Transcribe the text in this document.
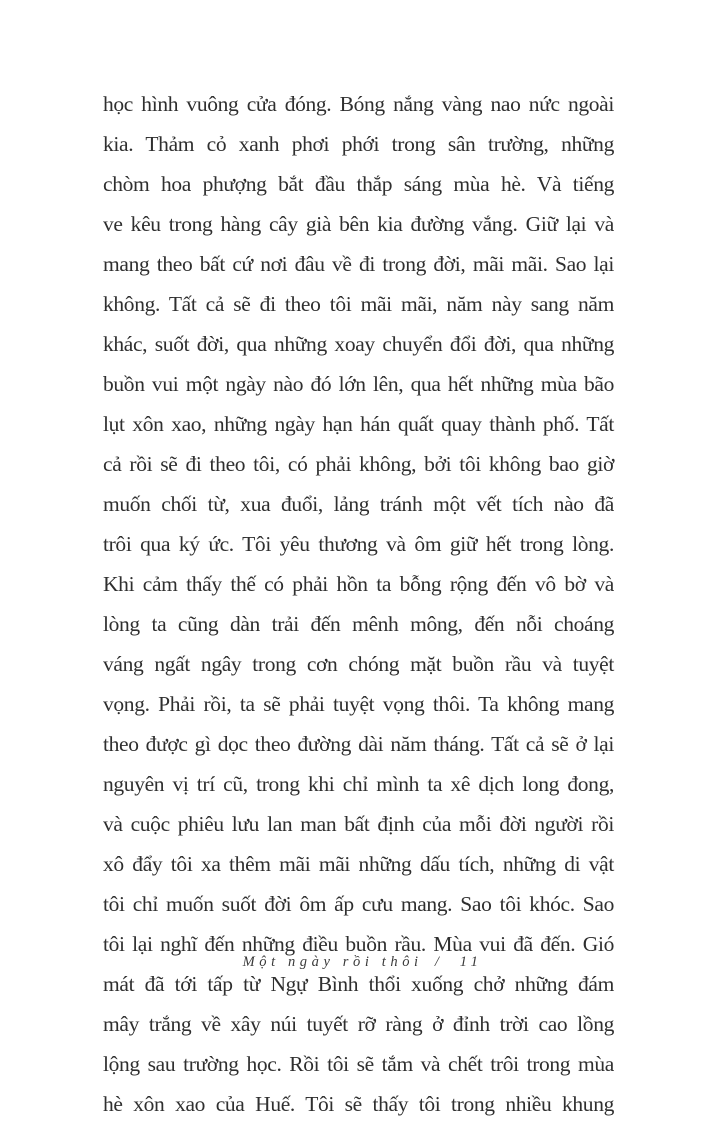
học hình vuông cửa đóng. Bóng nắng vàng nao nức ngoài
kia. Thảm cỏ xanh phơi phới trong sân trường, những
chòm hoa phượng bắt đầu thắp sáng mùa hè. Và tiếng
ve kêu trong hàng cây già bên kia đường vắng. Giữ lại và
mang theo bất cứ nơi đâu về đi trong đời, mãi mãi. Sao lại
không. Tất cả sẽ đi theo tôi mãi mãi, năm này sang năm
khác, suốt đời, qua những xoay chuyển đổi đời, qua những
buồn vui một ngày nào đó lớn lên, qua hết những mùa bão
lụt xôn xao, những ngày hạn hán quất quay thành phố. Tất
cả rồi sẽ đi theo tôi, có phải không, bởi tôi không bao giờ
muốn chối từ, xua đuổi, lảng tránh một vết tích nào đã
trôi qua ký ức. Tôi yêu thương và ôm giữ hết trong lòng.
Khi cảm thấy thế có phải hồn ta bỗng rộng đến vô bờ và
lòng ta cũng dàn trải đến mênh mông, đến nỗi choáng
váng ngất ngây trong cơn chóng mặt buồn rầu và tuyệt
vọng. Phải rồi, ta sẽ phải tuyệt vọng thôi. Ta không mang
theo được gì dọc theo đường dài năm tháng. Tất cả sẽ ở lại
nguyên vị trí cũ, trong khi chỉ mình ta xê dịch long đong,
và cuộc phiêu lưu lan man bất định của mỗi đời người rồi
xô đẩy tôi xa thêm mãi mãi những dấu tích, những di vật
tôi chỉ muốn suốt đời ôm ấp cưu mang. Sao tôi khóc. Sao
tôi lại nghĩ đến những điều buồn rầu. Mùa vui đã đến. Gió
mát đã tới tấp từ Ngự Bình thổi xuống chở những đám
mây trắng về xây núi tuyết rỡ ràng ở đỉnh trời cao lồng
lộng sau trường học. Rồi tôi sẽ tắm và chết trôi trong mùa
hè xôn xao của Huế. Tôi sẽ thấy tôi trong nhiều khung
Một ngày rồi thôi / 11
